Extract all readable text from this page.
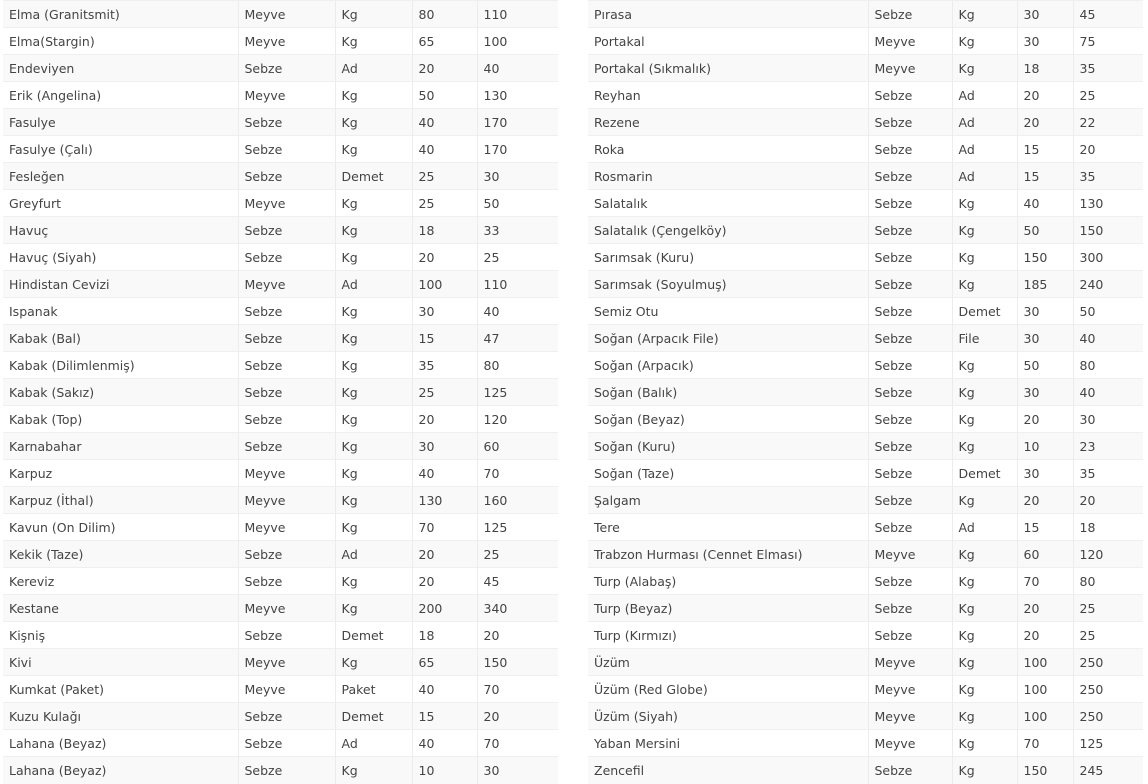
Elma (Granitsmit)	Meyve	Kg	80	110
Elma(Stargin)	Meyve	Kg	65	100
Endeviyen	Sebze	Ad	20	40
Erik (Angelina)	Meyve	Kg	50	130
Fasulye	Sebze	Kg	40	170
Fasulye (Çalı)	Sebze	Kg	40	170
Fesleğen	Sebze	Demet	25	30
Greyfurt	Meyve	Kg	25	50
Havuç	Sebze	Kg	18	33
Havuç (Siyah)	Sebze	Kg	20	25
Hindistan Cevizi	Meyve	Ad	100	110
Ispanak	Sebze	Kg	30	40
Kabak (Bal)	Sebze	Kg	15	47
Kabak (Dilimlenmiş)	Sebze	Kg	35	80
Kabak (Sakız)	Sebze	Kg	25	125
Kabak (Top)	Sebze	Kg	20	120
Karnabahar	Sebze	Kg	30	60
Karpuz	Meyve	Kg	40	70
Karpuz (İthal)	Meyve	Kg	130	160
Kavun (On Dilim)	Meyve	Kg	70	125
Kekik (Taze)	Sebze	Ad	20	25
Kereviz	Sebze	Kg	20	45
Kestane	Meyve	Kg	200	340
Kişniş	Sebze	Demet	18	20
Kivi	Meyve	Kg	65	150
Kumkat (Paket)	Meyve	Paket	40	70
Kuzu Kulağı	Sebze	Demet	15	20
Lahana (Beyaz)	Sebze	Ad	40	70
Lahana (Beyaz)	Sebze	Kg	10	30
Pırasa	Sebze	Kg	30	45
Portakal	Meyve	Kg	30	75
Portakal (Sıkmalık)	Meyve	Kg	18	35
Reyhan	Sebze	Ad	20	25
Rezene	Sebze	Ad	20	22
Roka	Sebze	Ad	15	20
Rosmarin	Sebze	Ad	15	35
Salatalık	Sebze	Kg	40	130
Salatalık (Çengelköy)	Sebze	Kg	50	150
Sarımsak (Kuru)	Sebze	Kg	150	300
Sarımsak (Soyulmuş)	Sebze	Kg	185	240
Semiz Otu	Sebze	Demet	30	50
Soğan (Arpacık File)	Sebze	File	30	40
Soğan (Arpacık)	Sebze	Kg	50	80
Soğan (Balık)	Sebze	Kg	30	40
Soğan (Beyaz)	Sebze	Kg	20	30
Soğan (Kuru)	Sebze	Kg	10	23
Soğan (Taze)	Sebze	Demet	30	35
Şalgam	Sebze	Kg	20	20
Tere	Sebze	Ad	15	18
Trabzon Hurması (Cennet Elması)	Meyve	Kg	60	120
Turp (Alabaş)	Sebze	Kg	70	80
Turp (Beyaz)	Sebze	Kg	20	25
Turp (Kırmızı)	Sebze	Kg	20	25
Üzüm	Meyve	Kg	100	250
Üzüm (Red Globe)	Meyve	Kg	100	250
Üzüm (Siyah)	Meyve	Kg	100	250
Yaban Mersini	Meyve	Kg	70	125
Zencefil	Sebze	Kg	150	245
